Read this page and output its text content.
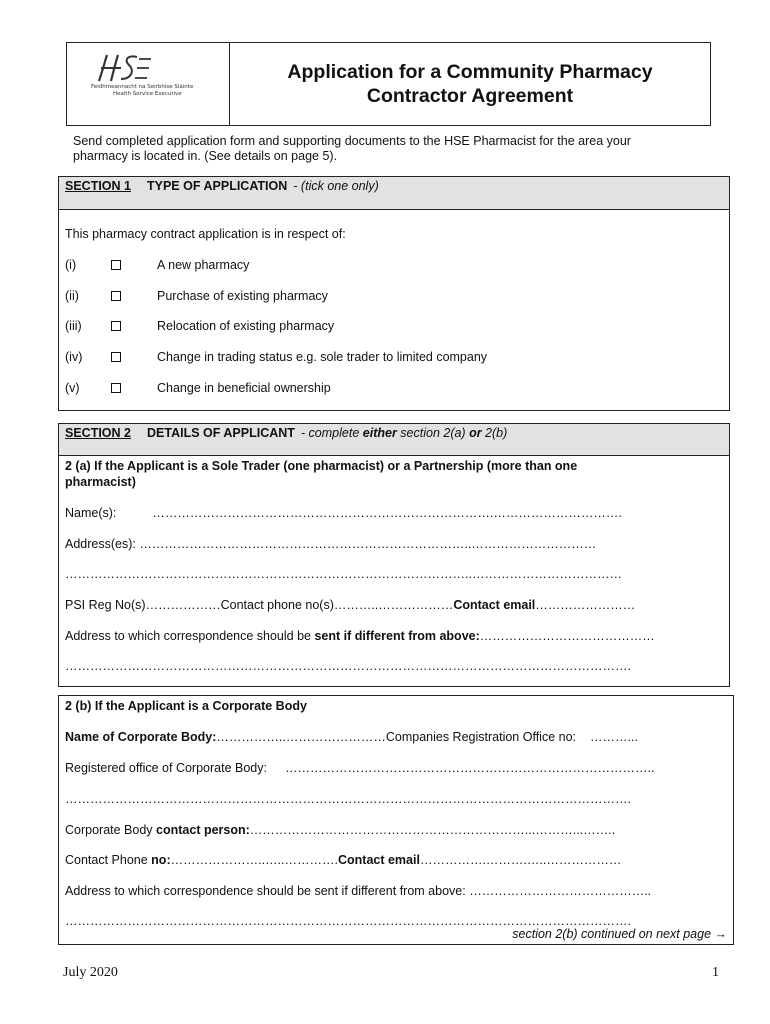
Feidhmeannacht na Seirbhíse Sláinte
Health Service Executive
Application for a Community Pharmacy
Contractor Agreement
Send completed application form and supporting documents to the HSE Pharmacist for the area your
pharmacy is located in. (See details on page 5).
SECTION 1 TYPE OF APPLICATION - (tick one only)
This pharmacy contract application is in respect of:
(i)	A new pharmacy
(ii)	Purchase of existing pharmacy
(iii)	Relocation of existing pharmacy
(iv)	Change in trading status e.g. sole trader to limited company
(v)	Change in beneficial ownership
SECTION 2 DETAILS OF APPLICANT - complete either section 2(a) or 2(b)
2 (a) If the Applicant is a Sole Trader (one pharmacist) or a Partnership (more than one
pharmacist)
Name(s):	……………………………………………………………………….………………………….
Address(es): ……………………………………………………………………..…………………………
……………………………………………………………………………………..………………………………
PSI Reg No(s)………………Contact phone no(s)………..………………Contact email……………………
Address to which correspondence should be sent if different from above:……………………………………
……………………………………………………………………………………………………………………….
2 (b) If the Applicant is a Corporate Body
Name of Corporate Body:……………..……………………Companies Registration Office no: ………...
Registered office of Corporate Body: ……………………………………………………………………………..
……………………………………………………………………………………………………………………….
Corporate Body contact person:…………………………………………………………...………...……..
Contact Phone no:…………………..…..………….Contact email…………….……….…..………………
Address to which correspondence should be sent if different from above: ……………………………………..
……………………………………………………………………………………………………………………….
section 2(b) continued on next page →
July 2020	1
